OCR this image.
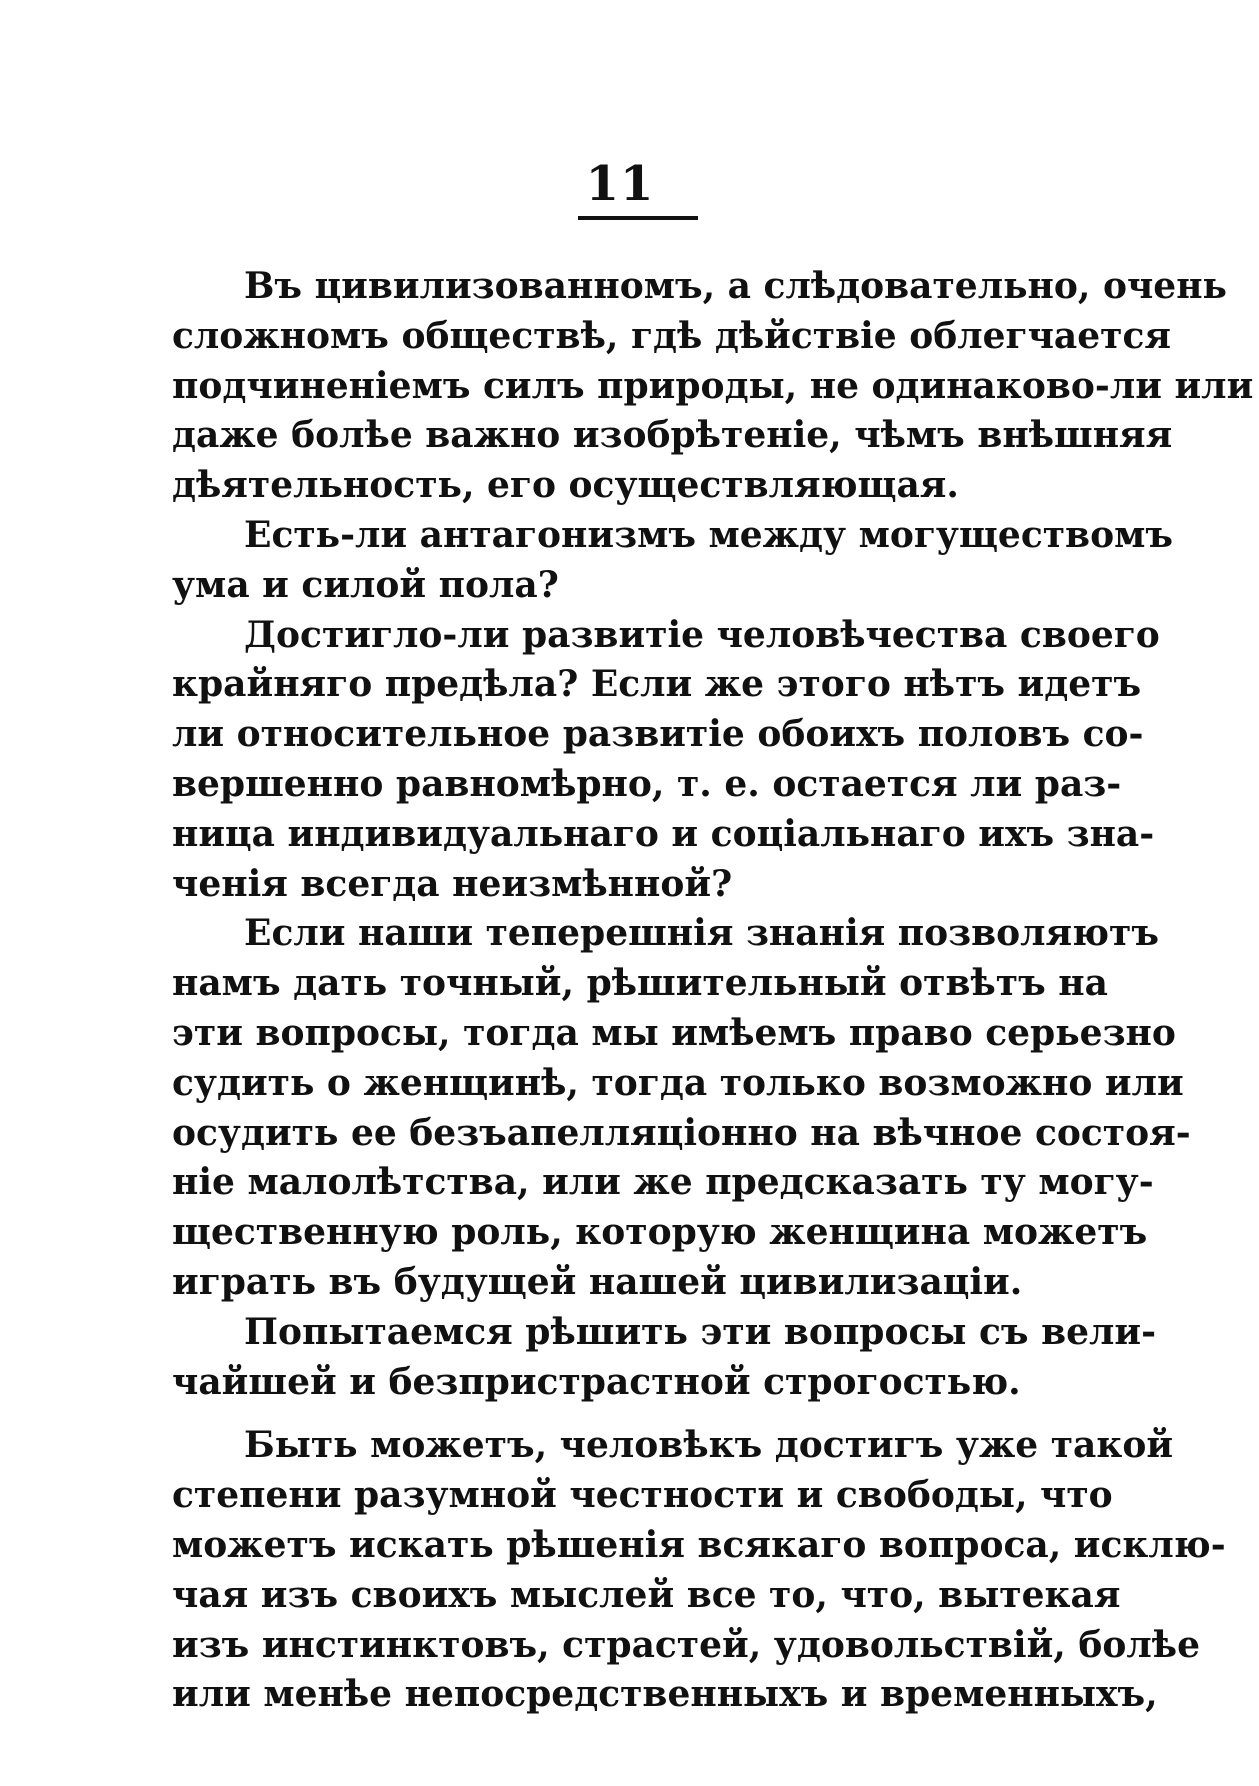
11
Въ цивилизованномъ, а слѣдовательно, очень
сложномъ обществѣ, гдѣ дѣйствіе облегчается
подчиненіемъ силъ природы, не одинаково-ли или
даже болѣе важно изобрѣтеніе, чѣмъ внѣшняя
дѣятельность, его осуществляющая.
Есть-ли антагонизмъ между могуществомъ
ума и силой пола?
Достигло-ли развитіе человѣчества своего
крайняго предѣла? Если же этого нѣтъ идетъ
ли относительное развитіе обоихъ половъ со-
вершенно равномѣрно, т. е. остается ли раз-
ница индивидуальнаго и соціальнаго ихъ зна-
ченія всегда неизмѣнной?
Если наши теперешнія знанія позволяютъ
намъ дать точный, рѣшительный отвѣтъ на
эти вопросы, тогда мы имѣемъ право серьезно
судить о женщинѣ, тогда только возможно или
осудить ее безъапелляціонно на вѣчное состоя-
ніе малолѣтства, или же предсказать ту могу-
щественную роль, которую женщина можетъ
играть въ будущей нашей цивилизаціи.
Попытаемся рѣшить эти вопросы съ вели-
чайшей и безпристрастной строгостью.
Быть можетъ, человѣкъ достигъ уже такой
степени разумной честности и свободы, что
можетъ искать рѣшенія всякаго вопроса, исклю-
чая изъ своихъ мыслей все то, что, вытекая
изъ инстинктовъ, страстей, удовольствій, болѣе
или менѣе непосредственныхъ и временныхъ,
